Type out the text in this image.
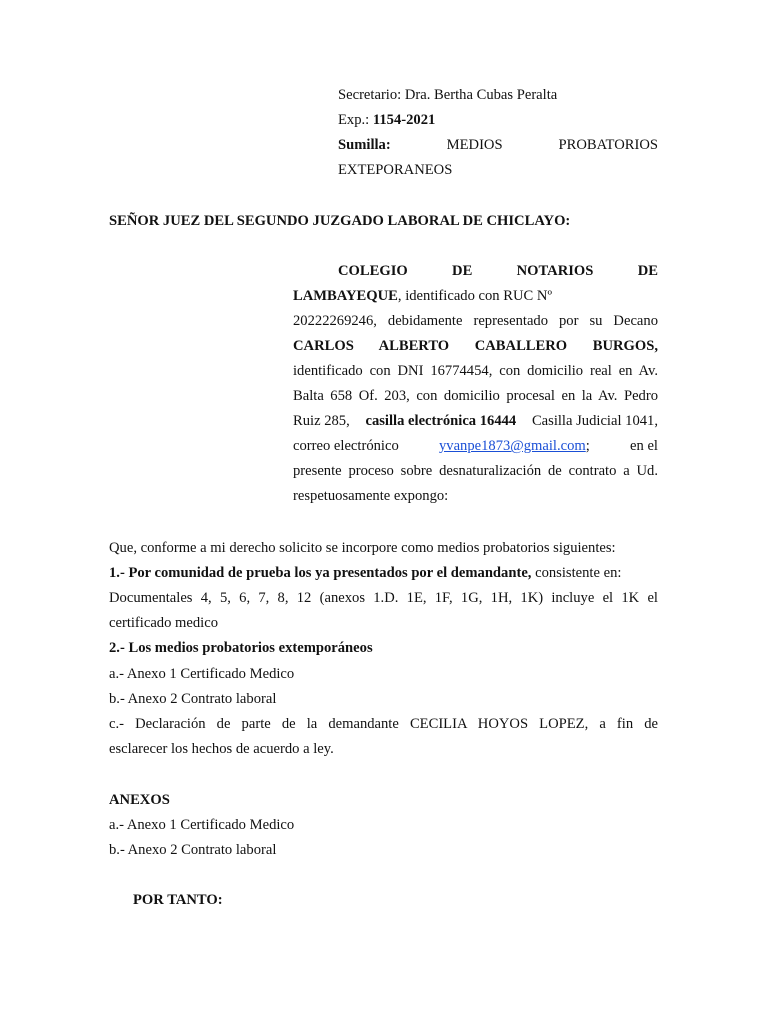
Secretario: Dra. Bertha Cubas Peralta
Exp.: 1154-2021
Sumilla:	MEDIOS	PROBATORIOS
EXTEPORANEOS
SEÑOR JUEZ DEL SEGUNDO JUZGADO LABORAL DE CHICLAYO:
COLEGIO	DE	NOTARIOS	DE
LAMBAYEQUE, identificado con RUC Nº
20222269246, debidamente representado por su Decano
CARLOS ALBERTO CABALLERO BURGOS,
identificado con DNI 16774454, con domicilio real en Av.
Balta 658 Of. 203, con domicilio procesal en la Av. Pedro
Ruiz 285, casilla electrónica 16444 Casilla Judicial 1041,
correo electrónico	yvanpe1873@gmail.com;	en el
presente proceso sobre desnaturalización de contrato a Ud.
respetuosamente expongo:
Que, conforme a mi derecho solicito se incorpore como medios probatorios siguientes:
1.- Por comunidad de prueba los ya presentados por el demandante, consistente en:
Documentales 4, 5, 6, 7, 8, 12 (anexos 1.D. 1E, 1F, 1G, 1H, 1K) incluye el 1K el
certificado medico
2.- Los medios probatorios extemporáneos
a.- Anexo 1 Certificado Medico
b.- Anexo 2 Contrato laboral
c.- Declaración de parte de la demandante CECILIA HOYOS LOPEZ, a fin de
esclarecer los hechos de acuerdo a ley.
ANEXOS
a.- Anexo 1 Certificado Medico
b.- Anexo 2 Contrato laboral
POR TANTO:
